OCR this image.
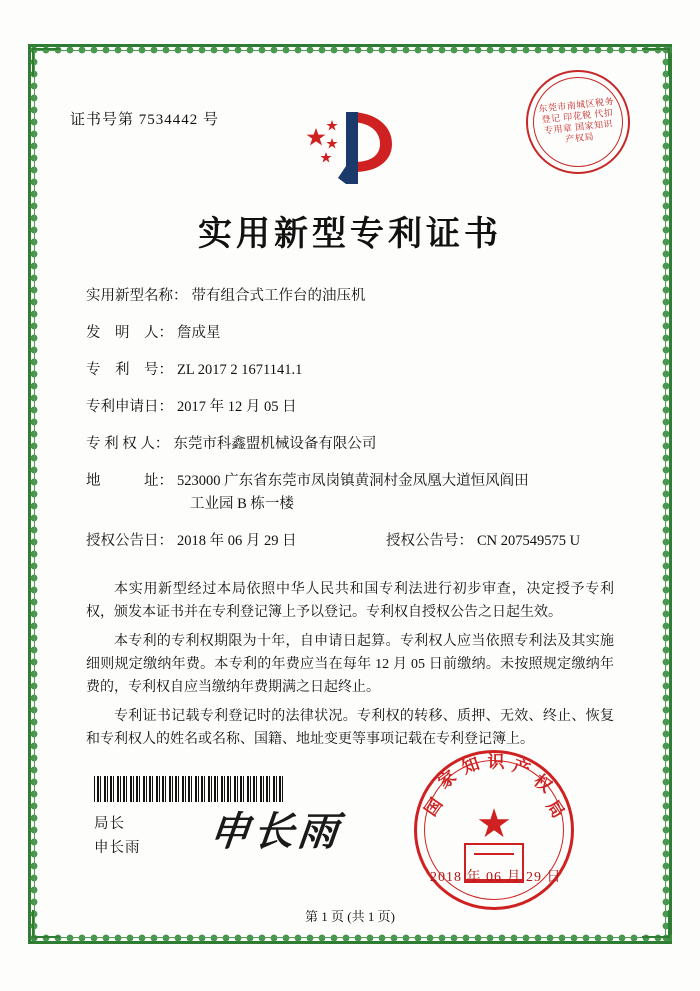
证书号第 7534442 号
东莞市南城区税务登记 印花税 代扣专用章 国家知识产权局
实用新型专利证书
实用新型名称： 带有组合式工作台的油压机
发　明　人： 詹成星
专　利　号： ZL 2017 2 1671141.1
专利申请日： 2017 年 12 月 05 日
专 利 权 人： 东莞市科鑫盟机械设备有限公司
地　　　址： 523000 广东省东莞市凤岗镇黄洞村金凤凰大道恒风阎田
工业园 B 栋一楼
授权公告日： 2018 年 06 月 29 日	授权公告号： CN 207549575 U

本实用新型经过本局依照中华人民共和国专利法进行初步审查，决定授予专利权，颁发本证书并在专利登记簿上予以登记。专利权自授权公告之日起生效。

本专利的专利权期限为十年，自申请日起算。专利权人应当依照专利法及其实施细则规定缴纳年费。本专利的年费应当在每年 12 月 05 日前缴纳。未按照规定缴纳年费的，专利权自应当缴纳年费期满之日起终止。

专利证书记载专利登记时的法律状况。专利权的转移、质押、无效、终止、恢复和专利权人的姓名或名称、国籍、地址变更等事项记载在专利登记簿上。

局长
申长雨 申长雨	★
国
家
知 识 产
权
局
2018 年 06 月 29 日
第 1 页 (共 1 页)
